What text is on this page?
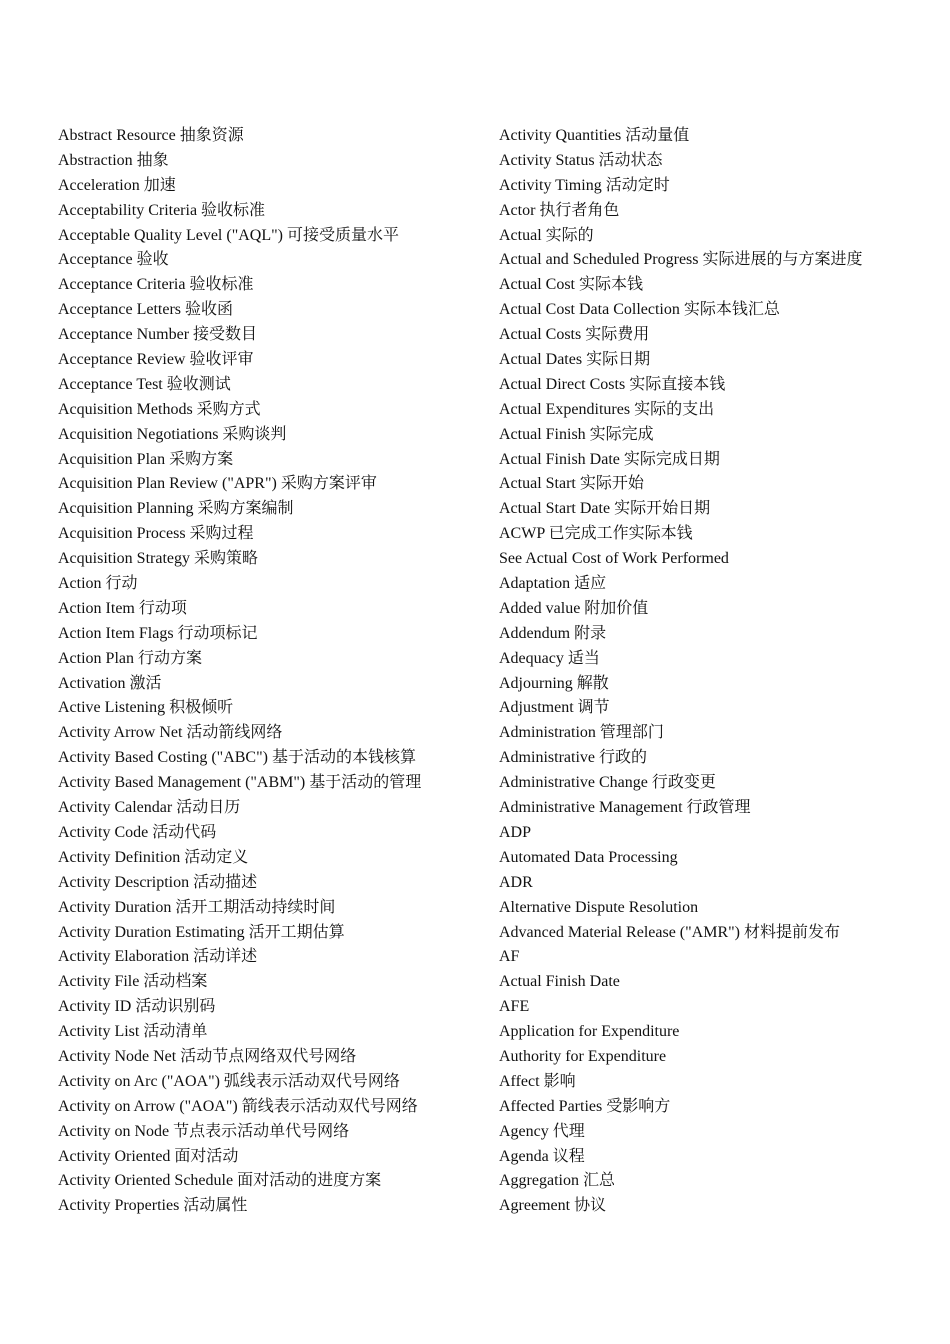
Abstract Resource 抽象资源
Abstraction 抽象
Acceleration 加速
Acceptability Criteria 验收标准
Acceptable Quality Level ("AQL") 可接受质量水平
Acceptance 验收
Acceptance Criteria 验收标准
Acceptance Letters 验收函
Acceptance Number 接受数目
Acceptance Review 验收评审
Acceptance Test 验收测试
Acquisition Methods 采购方式
Acquisition Negotiations 采购谈判
Acquisition Plan 采购方案
Acquisition Plan Review ("APR") 采购方案评审
Acquisition Planning 采购方案编制
Acquisition Process 采购过程
Acquisition Strategy 采购策略
Action 行动
Action Item 行动项
Action Item Flags 行动项标记
Action Plan 行动方案
Activation 激活
Active Listening 积极倾听
Activity Arrow Net 活动箭线网络
Activity Based Costing ("ABC") 基于活动的本钱核算
Activity Based Management ("ABM") 基于活动的管理
Activity Calendar 活动日历
Activity Code 活动代码
Activity Definition 活动定义
Activity Description 活动描述
Activity Duration 活开工期活动持续时间
Activity Duration Estimating 活开工期估算
Activity Elaboration 活动详述
Activity File 活动档案
Activity ID 活动识别码
Activity List 活动清单
Activity Node Net 活动节点网络双代号网络
Activity on Arc ("AOA") 弧线表示活动双代号网络
Activity on Arrow ("AOA") 箭线表示活动双代号网络
Activity on Node 节点表示活动单代号网络
Activity Oriented 面对活动
Activity Oriented Schedule 面对活动的进度方案
Activity Properties 活动属性
Activity Quantities 活动量值
Activity Status 活动状态
Activity Timing 活动定时
Actor 执行者角色
Actual 实际的
Actual and Scheduled Progress 实际进展的与方案进度
Actual Cost 实际本钱
Actual Cost Data Collection 实际本钱汇总
Actual Costs 实际费用
Actual Dates 实际日期
Actual Direct Costs 实际直接本钱
Actual Expenditures 实际的支出
Actual Finish 实际完成
Actual Finish Date 实际完成日期
Actual Start 实际开始
Actual Start Date 实际开始日期
ACWP 已完成工作实际本钱
See Actual Cost of Work Performed
Adaptation 适应
Added value 附加价值
Addendum 附录
Adequacy 适当
Adjourning 解散
Adjustment 调节
Administration 管理部门
Administrative 行政的
Administrative Change 行政变更
Administrative Management 行政管理
ADP
Automated Data Processing
ADR
Alternative Dispute Resolution
Advanced Material Release ("AMR") 材料提前发布
AF
Actual Finish Date
AFE
Application for Expenditure
Authority for Expenditure
Affect 影响
Affected Parties 受影响方
Agency 代理
Agenda 议程
Aggregation 汇总
Agreement 协议
